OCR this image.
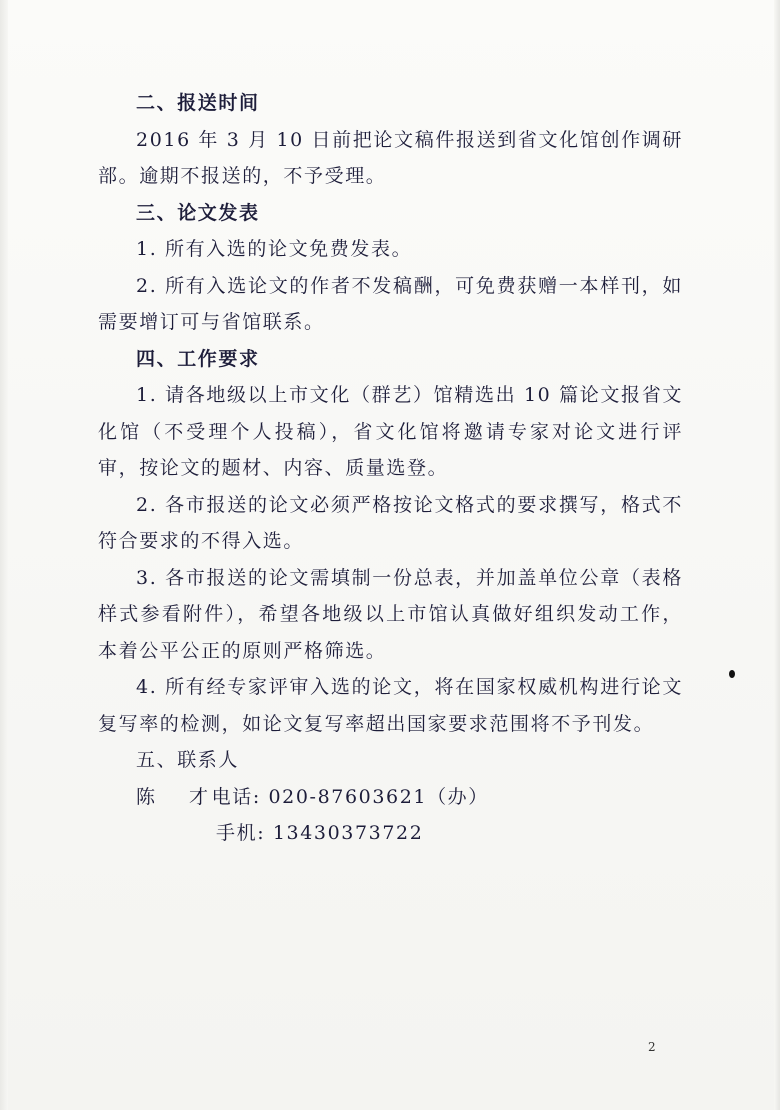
二、报送时间

2016 年 3 月 10 日前把论文稿件报送到省文化馆创作调研部。逾期不报送的，不予受理。

三、论文发表

1. 所有入选的论文免费发表。

2. 所有入选论文的作者不发稿酬，可免费获赠一本样刊，如需要增订可与省馆联系。

四、工作要求

1. 请各地级以上市文化（群艺）馆精选出 10 篇论文报省文化馆（不受理个人投稿），省文化馆将邀请专家对论文进行评审，按论文的题材、内容、质量选登。

2. 各市报送的论文必须严格按论文格式的要求撰写，格式不符合要求的不得入选。

3. 各市报送的论文需填制一份总表，并加盖单位公章（表格样式参看附件），希望各地级以上市馆认真做好组织发动工作，本着公平公正的原则严格筛选。

4. 所有经专家评审入选的论文，将在国家权威机构进行论文复写率的检测，如论文复写率超出国家要求范围将不予刊发。

五、联系人

陈 才 电话: 020-87603621（办）
手机: 13430373722
2
